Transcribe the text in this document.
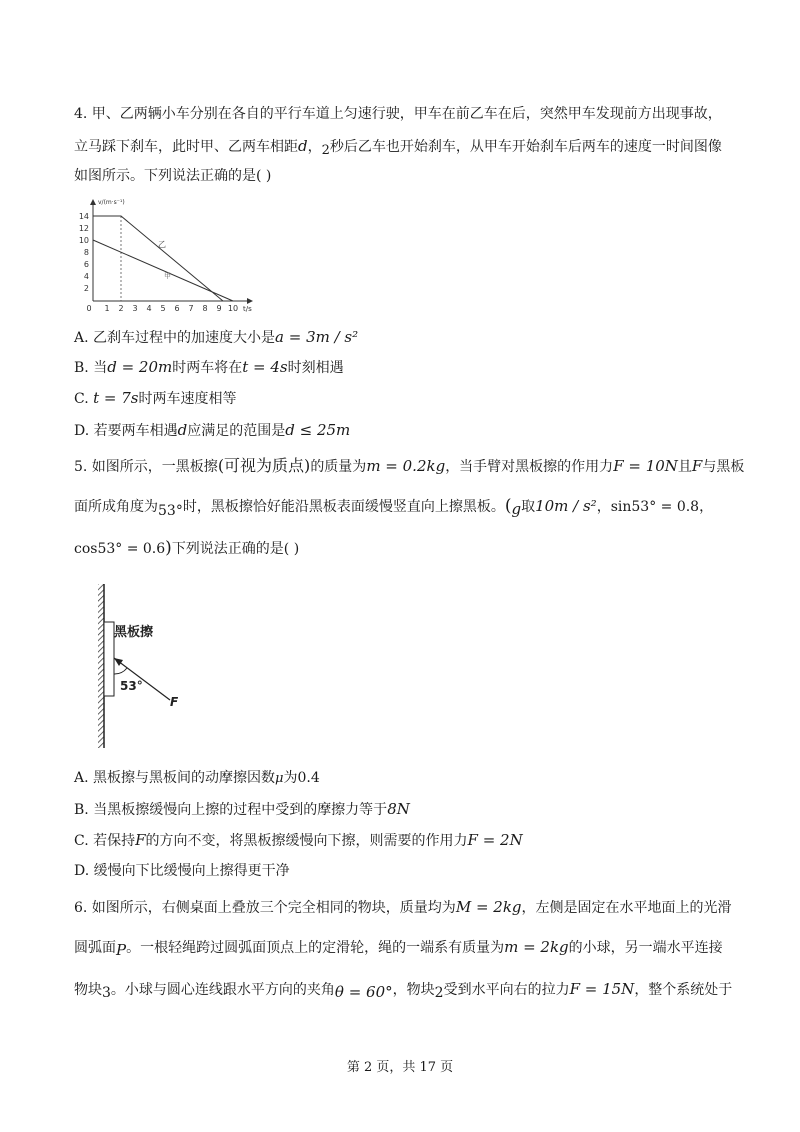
4. 甲、乙两辆小车分别在各自的平行车道上匀速行驶，甲车在前乙车在后，突然甲车发现前方出现事故，
立马踩下刹车，此时甲、乙两车相距d，2秒后乙车也开始刹车，从甲车开始刹车后两车的速度一时间图像
如图所示。下列说法正确的是( )
v/(m·s⁻¹)
14
12
10
8
6
4
2
0 1 2 3 4 5 6 7 8 9 10 t/s
乙
甲
A. 乙刹车过程中的加速度大小是a = 3m / s²
B. 当d = 20m时两车将在t = 4s时刻相遇
C. t = 7s时两车速度相等
D. 若要两车相遇d应满足的范围是d ≤ 25m
5. 如图所示，一黑板擦(可视为质点)的质量为m = 0.2kg，当手臂对黑板擦的作用力F = 10N且F与黑板
面所成角度为53°时，黑板擦恰好能沿黑板表面缓慢竖直向上擦黑板。(g取10m / s²，sin53° = 0.8，
cos53° = 0.6)下列说法正确的是( )
黑板擦
53°
F
A. 黑板擦与黑板间的动摩擦因数μ为0.4
B. 当黑板擦缓慢向上擦的过程中受到的摩擦力等于8N
C. 若保持F的方向不变，将黑板擦缓慢向下擦，则需要的作用力F = 2N
D. 缓慢向下比缓慢向上擦得更干净
6. 如图所示，右侧桌面上叠放三个完全相同的物块，质量均为M = 2kg，左侧是固定在水平地面上的光滑
圆弧面P。一根轻绳跨过圆弧面顶点上的定滑轮，绳的一端系有质量为m = 2kg的小球，另一端水平连接
物块3。小球与圆心连线跟水平方向的夹角θ = 60°，物块2受到水平向右的拉力F = 15N，整个系统处于
第 2 页，共 17 页
